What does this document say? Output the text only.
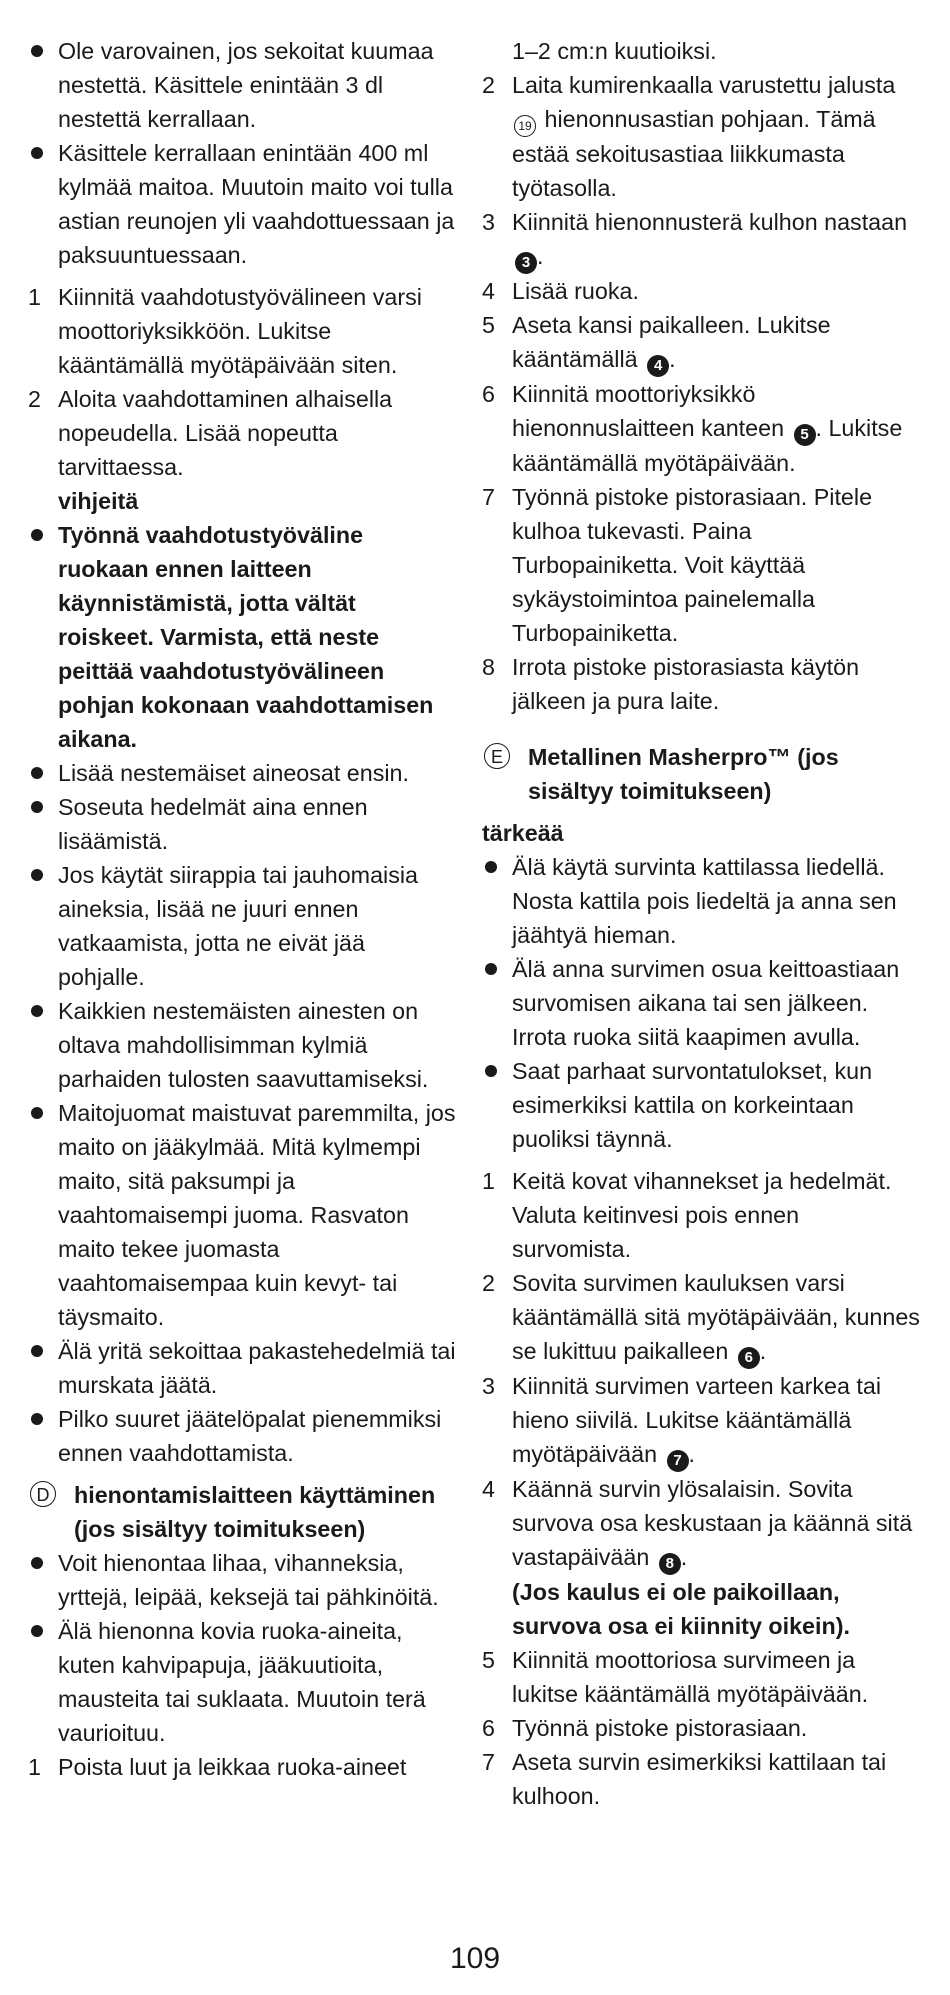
Ole varovainen, jos sekoitat kuumaa nestettä. Käsittele enintään 3 dl nestettä kerrallaan.

Käsittele kerrallaan enintään 400 ml kylmää maitoa. Muutoin maito voi tulla astian reunojen yli vaahdottuessaan ja paksuuntuessaan.

1 Kiinnitä vaahdotustyövälineen varsi moottoriyksikköön. Lukitse kääntämällä myötäpäivään siten.

2 Aloita vaahdottaminen alhaisella nopeudella. Lisää nopeutta tarvittaessa.

vihjeitä

Työnnä vaahdotustyöväline ruokaan ennen laitteen käynnistämistä, jotta vältät roiskeet. Varmista, että neste peittää vaahdotustyövälineen pohjan kokonaan vaahdottamisen aikana.

Lisää nestemäiset aineosat ensin.

Soseuta hedelmät aina ennen lisäämistä.

Jos käytät siirappia tai jauhomaisia aineksia, lisää ne juuri ennen vatkaamista, jotta ne eivät jää pohjalle.

Kaikkien nestemäisten ainesten on oltava mahdollisimman kylmiä parhaiden tulosten saavuttamiseksi.

Maitojuomat maistuvat paremmilta, jos maito on jääkylmää. Mitä kylmempi maito, sitä paksumpi ja vaahtomaisempi juoma. Rasvaton maito tekee juomasta vaahtomaisempaa kuin kevyt- tai täysmaito.

Älä yritä sekoittaa pakastehedelmiä tai murskata jäätä.

Pilko suuret jäätelöpalat pienemmiksi ennen vaahdottamista.

D hienontamislaitteen käyttäminen (jos sisältyy toimitukseen)

Voit hienontaa lihaa, vihanneksia, yrttejä, leipää, keksejä tai pähkinöitä.

Älä hienonna kovia ruoka-aineita, kuten kahvipapuja, jääkuutioita, mausteita tai suklaata. Muutoin terä vaurioituu.

1 Poista luut ja leikkaa ruoka-aineet

1–2 cm:n kuutioiksi.

2 Laita kumirenkaalla varustettu jalusta 19 hienonnusastian pohjaan. Tämä estää sekoitusastiaa liikkumasta työtasolla.

3 Kiinnitä hienonnusterä kulhon nastaan 3 .

4 Lisää ruoka.

5 Aseta kansi paikalleen. Lukitse kääntämällä 4 .

6 Kiinnitä moottoriyksikkö hienonnuslaitteen kanteen 5 . Lukitse kääntämällä myötäpäivään.

7 Työnnä pistoke pistorasiaan. Pitele kulhoa tukevasti. Paina Turbopainiketta. Voit käyttää sykäystoimintoa painelemalla Turbopainiketta.

8 Irrota pistoke pistorasiasta käytön jälkeen ja pura laite.

E	Metallinen Masherpro™ (jos sisältyy toimitukseen)

tärkeää

Älä käytä survinta kattilassa liedellä. Nosta kattila pois liedeltä ja anna sen jäähtyä hieman.

Älä anna survimen osua keittoastiaan survomisen aikana tai sen jälkeen. Irrota ruoka siitä kaapimen avulla.

Saat parhaat survontatulokset, kun esimerkiksi kattila on korkeintaan puoliksi täynnä.

1 Keitä kovat vihannekset ja hedelmät. Valuta keitinvesi pois ennen survomista.

2 Sovita survimen kauluksen varsi kääntämällä sitä myötäpäivään, kunnes se lukittuu paikalleen 6 .

3 Kiinnitä survimen varteen karkea tai hieno siivilä. Lukitse kääntämällä myötäpäivään 7 .

4 Käännä survin ylösalaisin. Sovita survova osa keskustaan ja käännä sitä vastapäivään 8 .
(Jos kaulus ei ole paikoillaan, survova osa ei kiinnity oikein).

5 Kiinnitä moottoriosa survimeen ja lukitse kääntämällä myötäpäivään.

6 Työnnä pistoke pistorasiaan.

7 Aseta survin esimerkiksi kattilaan tai kulhoon.

109
